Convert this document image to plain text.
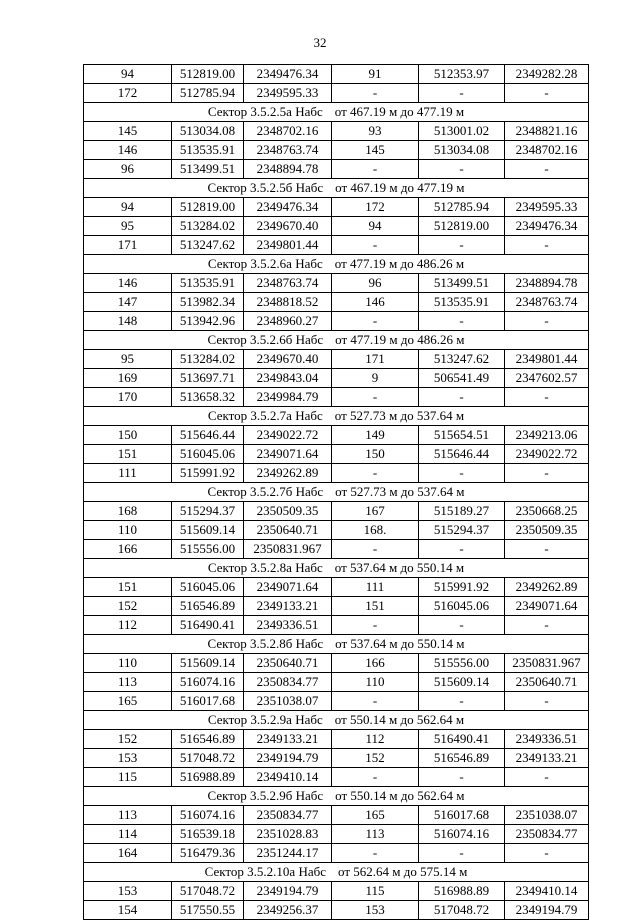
32
94	512819.00	2349476.34	91	512353.97	2349282.28
172	512785.94	2349595.33	-	-	-
Сектор 3.5.2.5а Набс от 467.19 м до 477.19 м					
145	513034.08	2348702.16	93	513001.02	2348821.16
146	513535.91	2348763.74	145	513034.08	2348702.16
96	513499.51	2348894.78	-	-	-
Сектор 3.5.2.5б Набс от 467.19 м до 477.19 м					
94	512819.00	2349476.34	172	512785.94	2349595.33
95	513284.02	2349670.40	94	512819.00	2349476.34
171	513247.62	2349801.44	-	-	-
Сектор 3.5.2.6а Набс от 477.19 м до 486.26 м					
146	513535.91	2348763.74	96	513499.51	2348894.78
147	513982.34	2348818.52	146	513535.91	2348763.74
148	513942.96	2348960.27	-	-	-
Сектор 3.5.2.6б Набс от 477.19 м до 486.26 м					
95	513284.02	2349670.40	171	513247.62	2349801.44
169	513697.71	2349843.04	9	506541.49	2347602.57
170	513658.32	2349984.79	-	-	-
Сектор 3.5.2.7а Набс от 527.73 м до 537.64 м					
150	515646.44	2349022.72	149	515654.51	2349213.06
151	516045.06	2349071.64	150	515646.44	2349022.72
111	515991.92	2349262.89	-	-	-
Сектор 3.5.2.7б Набс от 527.73 м до 537.64 м					
168	515294.37	2350509.35	167	515189.27	2350668.25
110	515609.14	2350640.71	168.	515294.37	2350509.35
166	515556.00	2350831.967	-	-	-
Сектор 3.5.2.8а Набс от 537.64 м до 550.14 м					
151	516045.06	2349071.64	111	515991.92	2349262.89
152	516546.89	2349133.21	151	516045.06	2349071.64
112	516490.41	2349336.51	-	-	-
Сектор 3.5.2.8б Набс от 537.64 м до 550.14 м					
110	515609.14	2350640.71	166	515556.00	2350831.967
113	516074.16	2350834.77	110	515609.14	2350640.71
165	516017.68	2351038.07	-	-	-
Сектор 3.5.2.9а Набс от 550.14 м до 562.64 м					
152	516546.89	2349133.21	112	516490.41	2349336.51
153	517048.72	2349194.79	152	516546.89	2349133.21
115	516988.89	2349410.14	-	-	-
Сектор 3.5.2.9б Набс от 550.14 м до 562.64 м					
113	516074.16	2350834.77	165	516017.68	2351038.07
114	516539.18	2351028.83	113	516074.16	2350834.77
164	516479.36	2351244.17	-	-	-
Сектор 3.5.2.10а Набс от 562.64 м до 575.14 м					
153	517048.72	2349194.79	115	516988.89	2349410.14
154	517550.55	2349256.37	153	517048.72	2349194.79
